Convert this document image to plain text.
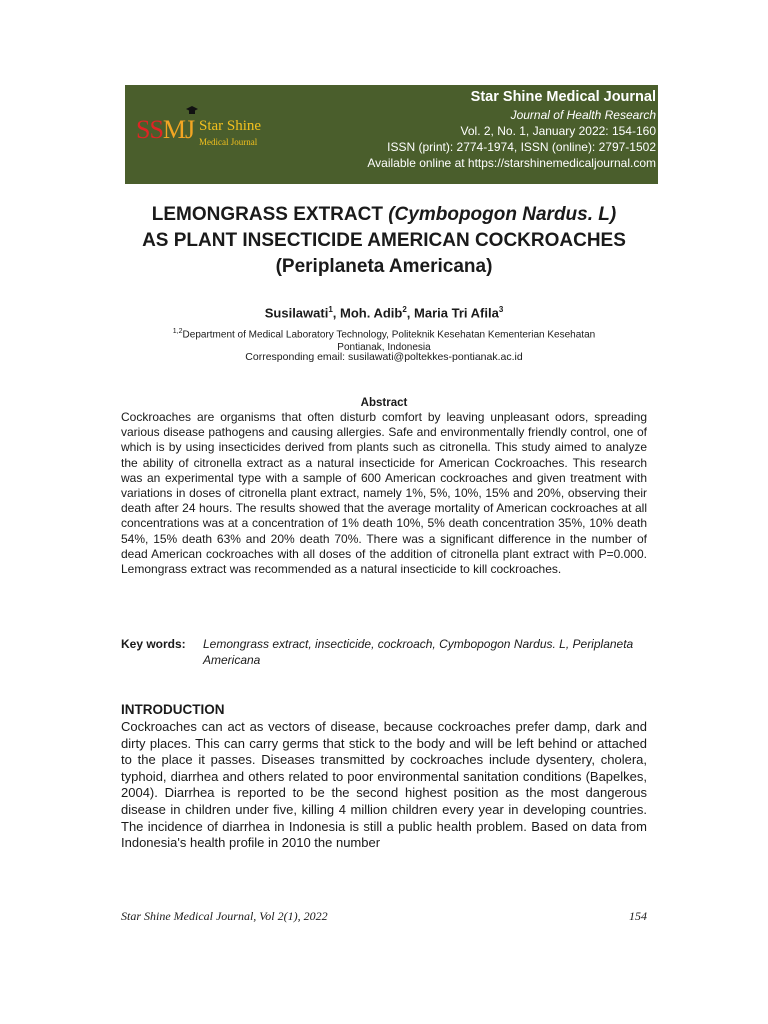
SSMJ Star Shine
Medical Journal
Star Shine Medical Journal
Journal of Health Research
Vol. 2, No. 1, January 2022: 154-160
ISSN (print): 2774-1974, ISSN (online): 2797-1502
Available online at https://starshinemedicaljournal.com
LEMONGRASS EXTRACT (Cymbopogon Nardus. L)
AS PLANT INSECTICIDE AMERICAN COCKROACHES
(Periplaneta Americana)
Susilawati$^1$, Moh. Adib$^2$, Maria Tri Afila$^3$
$^{1,2}$Department of Medical Laboratory Technology, Politeknik Kesehatan Kementerian Kesehatan
Pontianak, Indonesia
Corresponding email: susilawati@poltekkes-pontianak.ac.id
Abstract
Cockroaches are organisms that often disturb comfort by leaving unpleasant odors, spreading various disease pathogens and causing allergies. Safe and environmentally friendly control, one of which is by using insecticides derived from plants such as citronella. This study aimed to analyze the ability of citronella extract as a natural insecticide for American Cockroaches. This research was an experimental type with a sample of 600 American cockroaches and given treatment with variations in doses of citronella plant extract, namely 1%, 5%, 10%, 15% and 20%, observing their death after 24 hours. The results showed that the average mortality of American cockroaches at all concentrations was at a concentration of 1% death 10%, 5% death concentration 35%, 10% death 54%, 15% death 63% and 20% death 70%. There was a significant difference in the number of dead American cockroaches with all doses of the addition of citronella plant extract with P=0.000. Lemongrass extract was recommended as a natural insecticide to kill cockroaches.
Key words: Lemongrass extract, insecticide, cockroach, Cymbopogon Nardus. L, Periplaneta Americana
INTRODUCTION
Cockroaches can act as vectors of disease, because cockroaches prefer damp, dark and dirty places. This can carry germs that stick to the body and will be left behind or attached to the place it passes. Diseases transmitted by cockroaches include dysentery, cholera, typhoid, diarrhea and others related to poor environmental sanitation conditions (Bapelkes, 2004). Diarrhea is reported to be the second highest position as the most dangerous disease in children under five, killing 4 million children every year in developing countries. The incidence of diarrhea in Indonesia is still a public health problem. Based on data from Indonesia's health profile in 2010 the number
Star Shine Medical Journal, Vol 2(1), 2022	154
